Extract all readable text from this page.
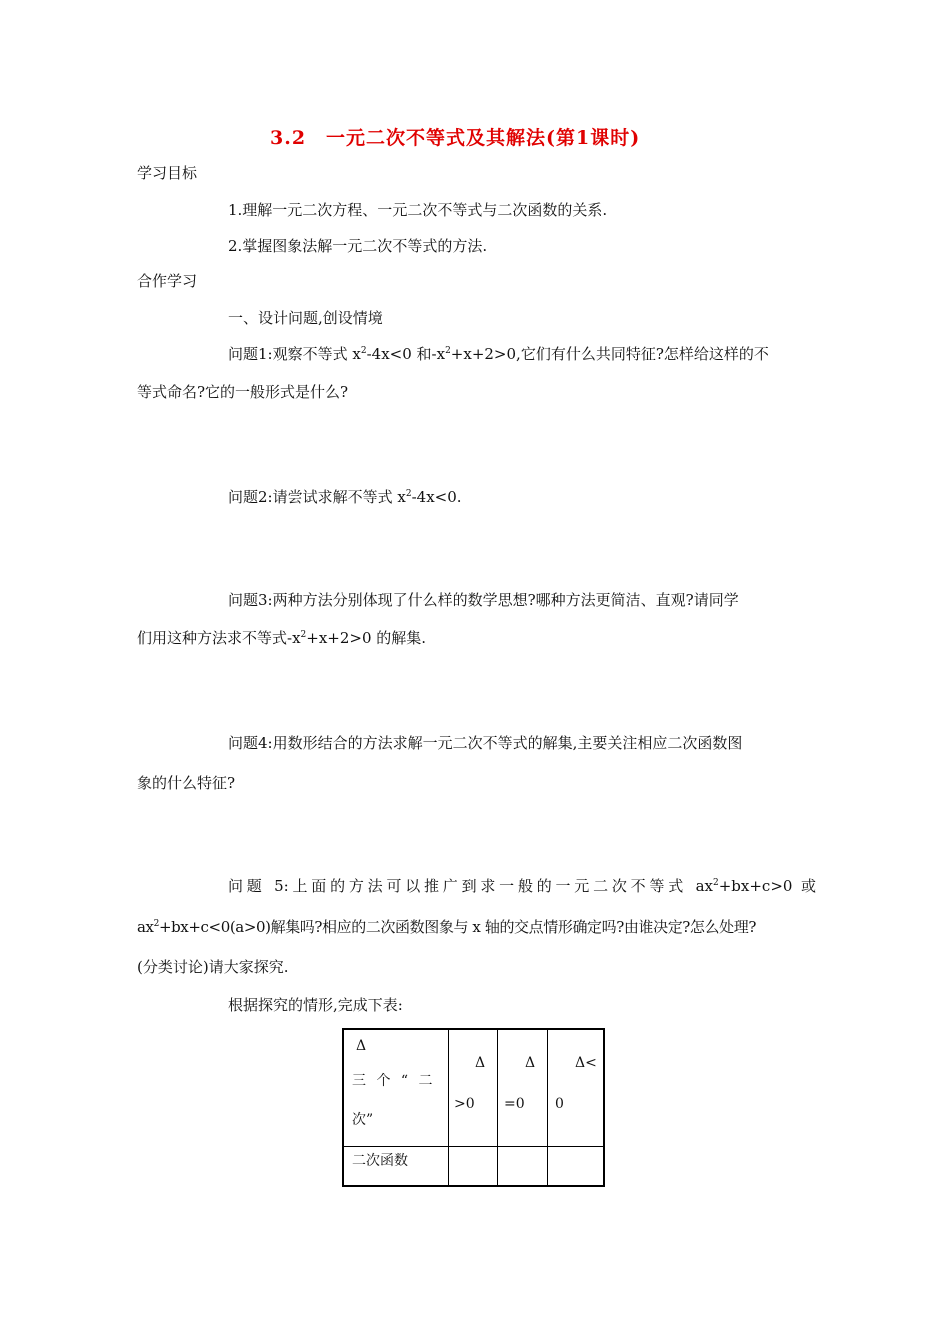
3.2　一元二次不等式及其解法(第1课时)
学习目标
1.理解一元二次方程、一元二次不等式与二次函数的关系.
2.掌握图象法解一元二次不等式的方法.
合作学习
一、设计问题,创设情境
问题1:观察不等式 $x^2-4x<0$ 和$-x^2+x+2>0$,它们有什么共同特征?怎样给这样的不
等式命名?它的一般形式是什么?
问题2:请尝试求解不等式 $x^2-4x<0$.
问题3:两种方法分别体现了什么样的数学思想?哪种方法更简洁、直观?请同学
们用这种方法求不等式$-x^2+x+2>0$ 的解集.
问题4:用数形结合的方法求解一元二次不等式的解集,主要关注相应二次函数图
象的什么特征?
问题 5:上面的方法可以推广到求一般的一元二次不等式 $ax^2+bx+c>0$ 或
$ax^2+bx+c<0(a>0)$解集吗?相应的二次函数图象与 x 轴的交点情形确定吗?由谁决定?怎么处理?
(分类讨论)请大家探究.
根据探究的情形,完成下表:
Δ
三 个 “ 二
次”
Δ
>0
Δ
=0
Δ<
0
二次函数
